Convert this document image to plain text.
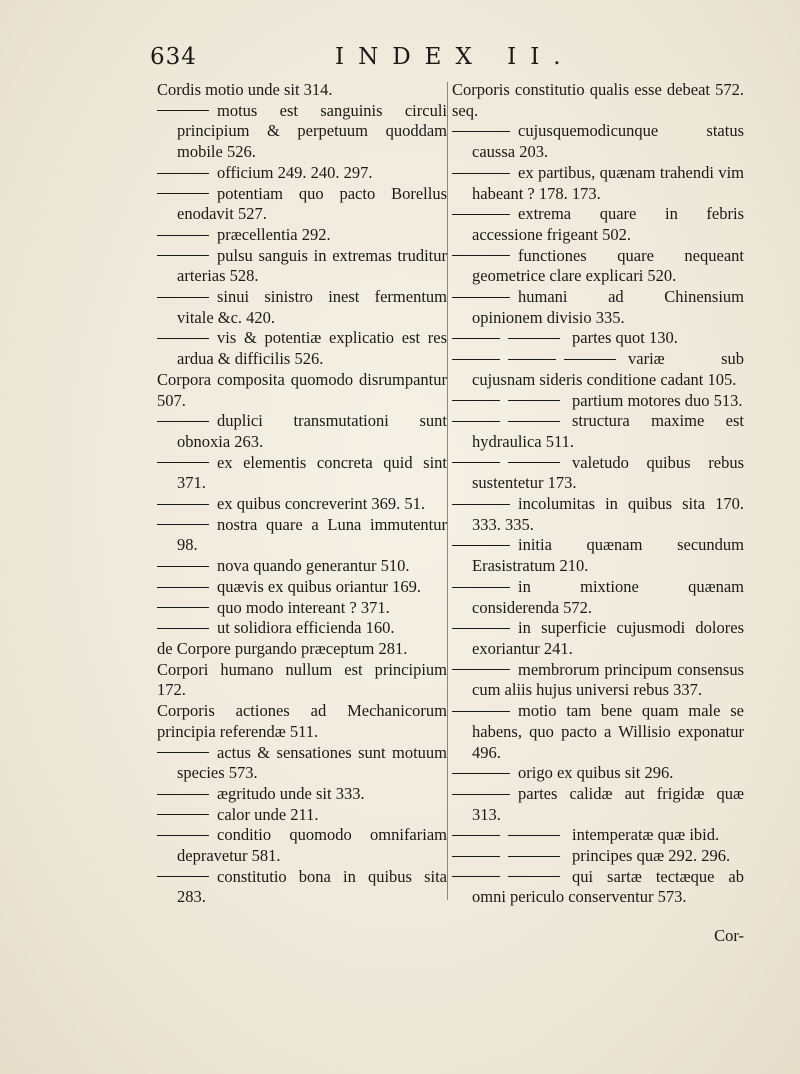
634	INDEX II.
Cordis motio unde sit 314.
motus est sanguinis circuli principium & perpetuum quoddam mobile 526.
officium 249. 240. 297.
potentiam quo pacto Borellus enodavit 527.
præcellentia 292.
pulsu sanguis in extremas truditur arterias 528.
sinui sinistro inest fermentum vitale &c. 420.
vis & potentiæ explicatio est res ardua & difficilis 526.
Corpora composita quomodo disrumpantur 507.
duplici transmutationi sunt obnoxia 263.
ex elementis concreta quid sint 371.
ex quibus concreverint 369. 51.
nostra quare a Luna immutentur 98.
nova quando generantur 510.
quævis ex quibus oriantur 169.
quo modo intereant ? 371.
ut solidiora efficienda 160.
de Corpore purgando præceptum 281.
Corpori humano nullum est principium 172.
Corporis actiones ad Mechanicorum principia referendæ 511.
actus & sensationes sunt motuum species 573.
ægritudo unde sit 333.
calor unde 211.
conditio quomodo omnifariam depravetur 581.
constitutio bona in quibus sita 283.
Corporis constitutio qualis esse debeat 572. seq.
cujusquemodicunque status caussa 203.
ex partibus, quænam trahendi vim habeant ? 178. 173.
extrema quare in febris accessione frigeant 502.
functiones quare nequeant geometrice clare explicari 520.
humani ad Chinensium opinionem divisio 335.
partes quot 130.
variæ sub cujusnam sideris conditione cadant 105.
partium motores duo 513.
structura maxime est hydraulica 511.
valetudo quibus rebus sustentetur 173.
incolumitas in quibus sita 170. 333. 335.
initia quænam secundum Erasistratum 210.
in mixtione quænam considerenda 572.
in superficie cujusmodi dolores exoriantur 241.
membrorum principum consensus cum aliis hujus universi rebus 337.
motio tam bene quam male se habens, quo pacto a Willisio exponatur 496.
origo ex quibus sit 296.
partes calidæ aut frigidæ quæ 313.
intemperatæ quæ ibid.
principes quæ 292. 296.
qui sartæ tectæque ab omni periculo conserventur 573.
Cor-
